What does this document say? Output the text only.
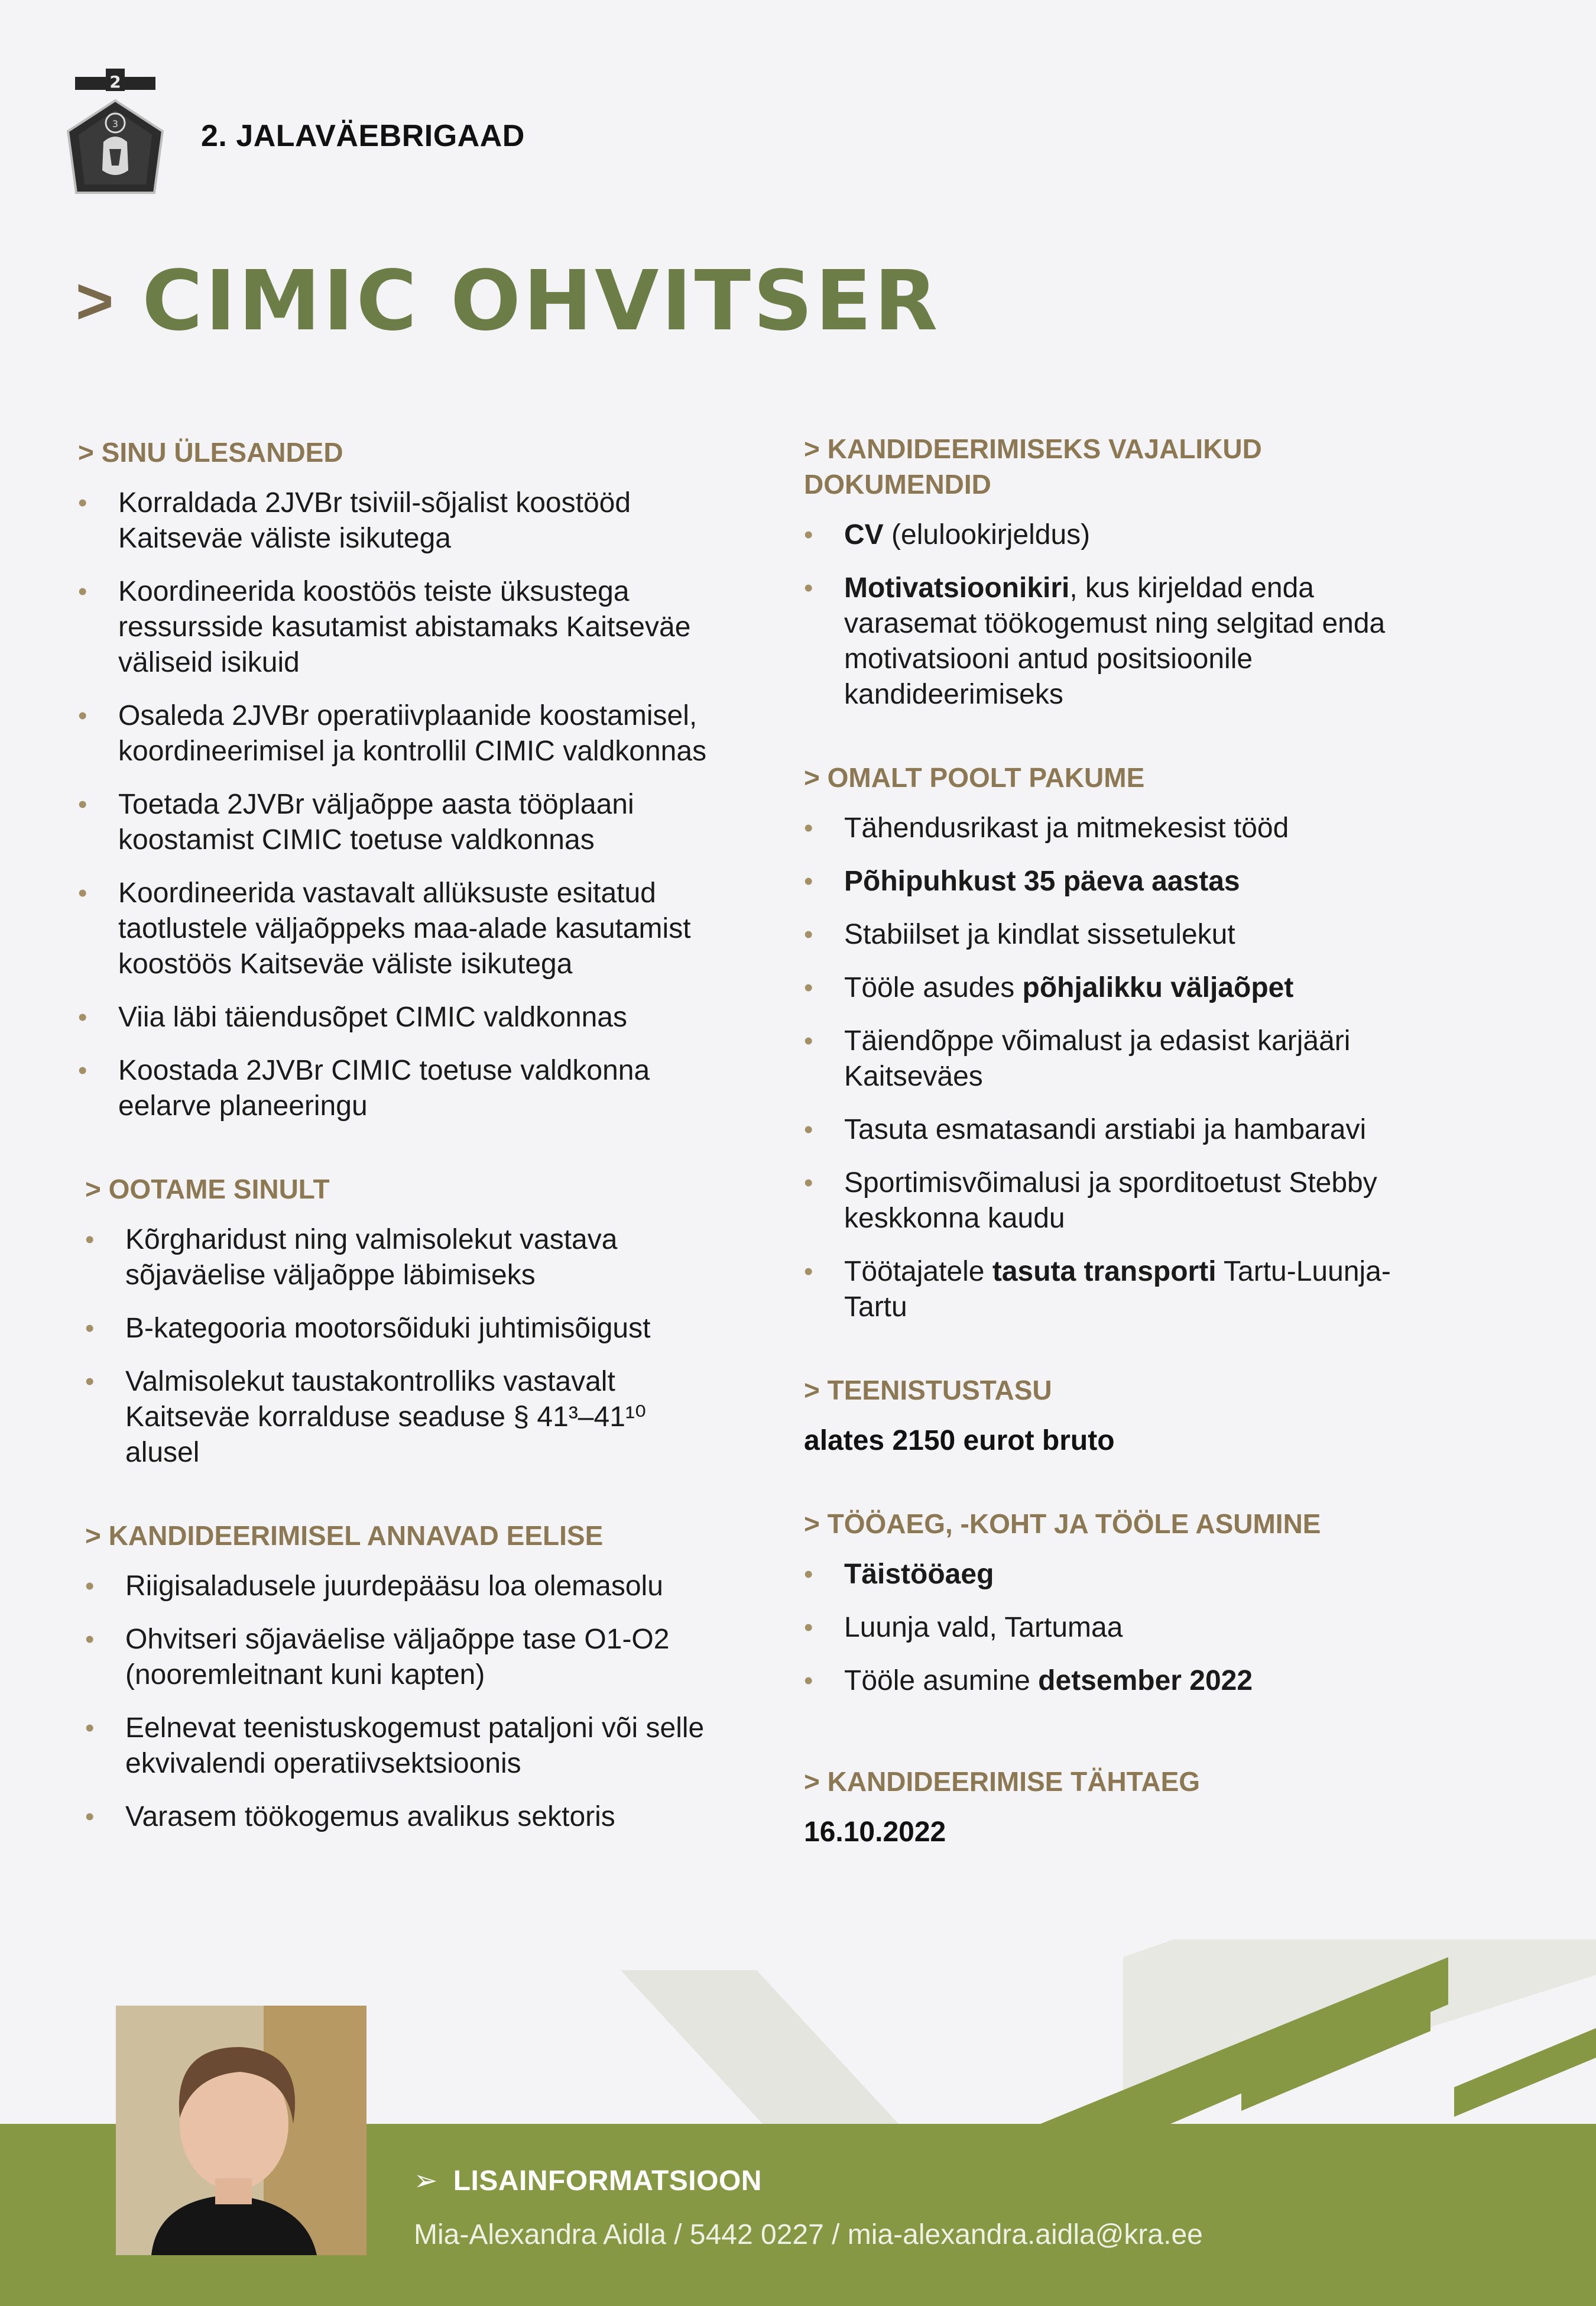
2
3	2. JALAVÄEBRIGAAD
> CIMIC OHVITSER
> SINU ÜLESANDED
• Korraldada 2JVBr tsiviil-sõjalist koostööd Kaitseväe väliste isikutega
• Koordineerida koostöös teiste üksustega ressursside kasutamist abistamaks Kaitseväe väliseid isikuid
• Osaleda 2JVBr operatiivplaanide koostamisel, koordineerimisel ja kontrollil CIMIC valdkonnas
• Toetada 2JVBr väljaõppe aasta tööplaani koostamist CIMIC toetuse valdkonnas
• Koordineerida vastavalt allüksuste esitatud taotlustele väljaõppeks maa-alade kasutamist koostöös Kaitseväe väliste isikutega
• Viia läbi täiendusõpet CIMIC valdkonnas
• Koostada 2JVBr CIMIC toetuse valdkonna eelarve planeeringu
> OOTAME SINULT
• Kõrgharidust ning valmisolekut vastava sõjaväelise väljaõppe läbimiseks
• B-kategooria mootorsõiduki juhtimisõigust
• Valmisolekut taustakontrolliks vastavalt Kaitseväe korralduse seaduse § 41³–41¹⁰ alusel
> KANDIDEERIMISEL ANNAVAD EELISE
• Riigisaladusele juurdepääsu loa olemasolu
• Ohvitseri sõjaväelise väljaõppe tase O1-O2 (nooremleitnant kuni kapten)
• Eelnevat teenistuskogemust pataljoni või selle ekvivalendi operatiivsektsioonis
• Varasem töökogemus avalikus sektoris
> KANDIDEERIMISEKS VAJALIKUD DOKUMENDID
• CV (elulookirjeldus)
• Motivatsioonikiri, kus kirjeldad enda varasemat töökogemust ning selgitad enda motivatsiooni antud positsioonile kandideerimiseks
> OMALT POOLT PAKUME
• Tähendusrikast ja mitmekesist tööd
• Põhipuhkust 35 päeva aastas
• Stabiilset ja kindlat sissetulekut
• Tööle asudes põhjalikku väljaõpet
• Täiendõppe võimalust ja edasist karjääri Kaitseväes
• Tasuta esmatasandi arstiabi ja hambaravi
• Sportimisvõimalusi ja sporditoetust Stebby keskkonna kaudu
• Töötajatele tasuta transporti Tartu-Luunja-Tartu
> TEENISTUSTASU

alates 2150 eurot bruto

> TÖÖAEG, -KOHT JA TÖÖLE ASUMINE
• Täistööaeg
• Luunja vald, Tartumaa
• Tööle asumine detsember 2022
> KANDIDEERIMISE TÄHTAEG

16.10.2022

➢ LISAINFORMATSIOON
Mia-Alexandra Aidla / 5442 0227 / mia-alexandra.aidla@kra.ee
